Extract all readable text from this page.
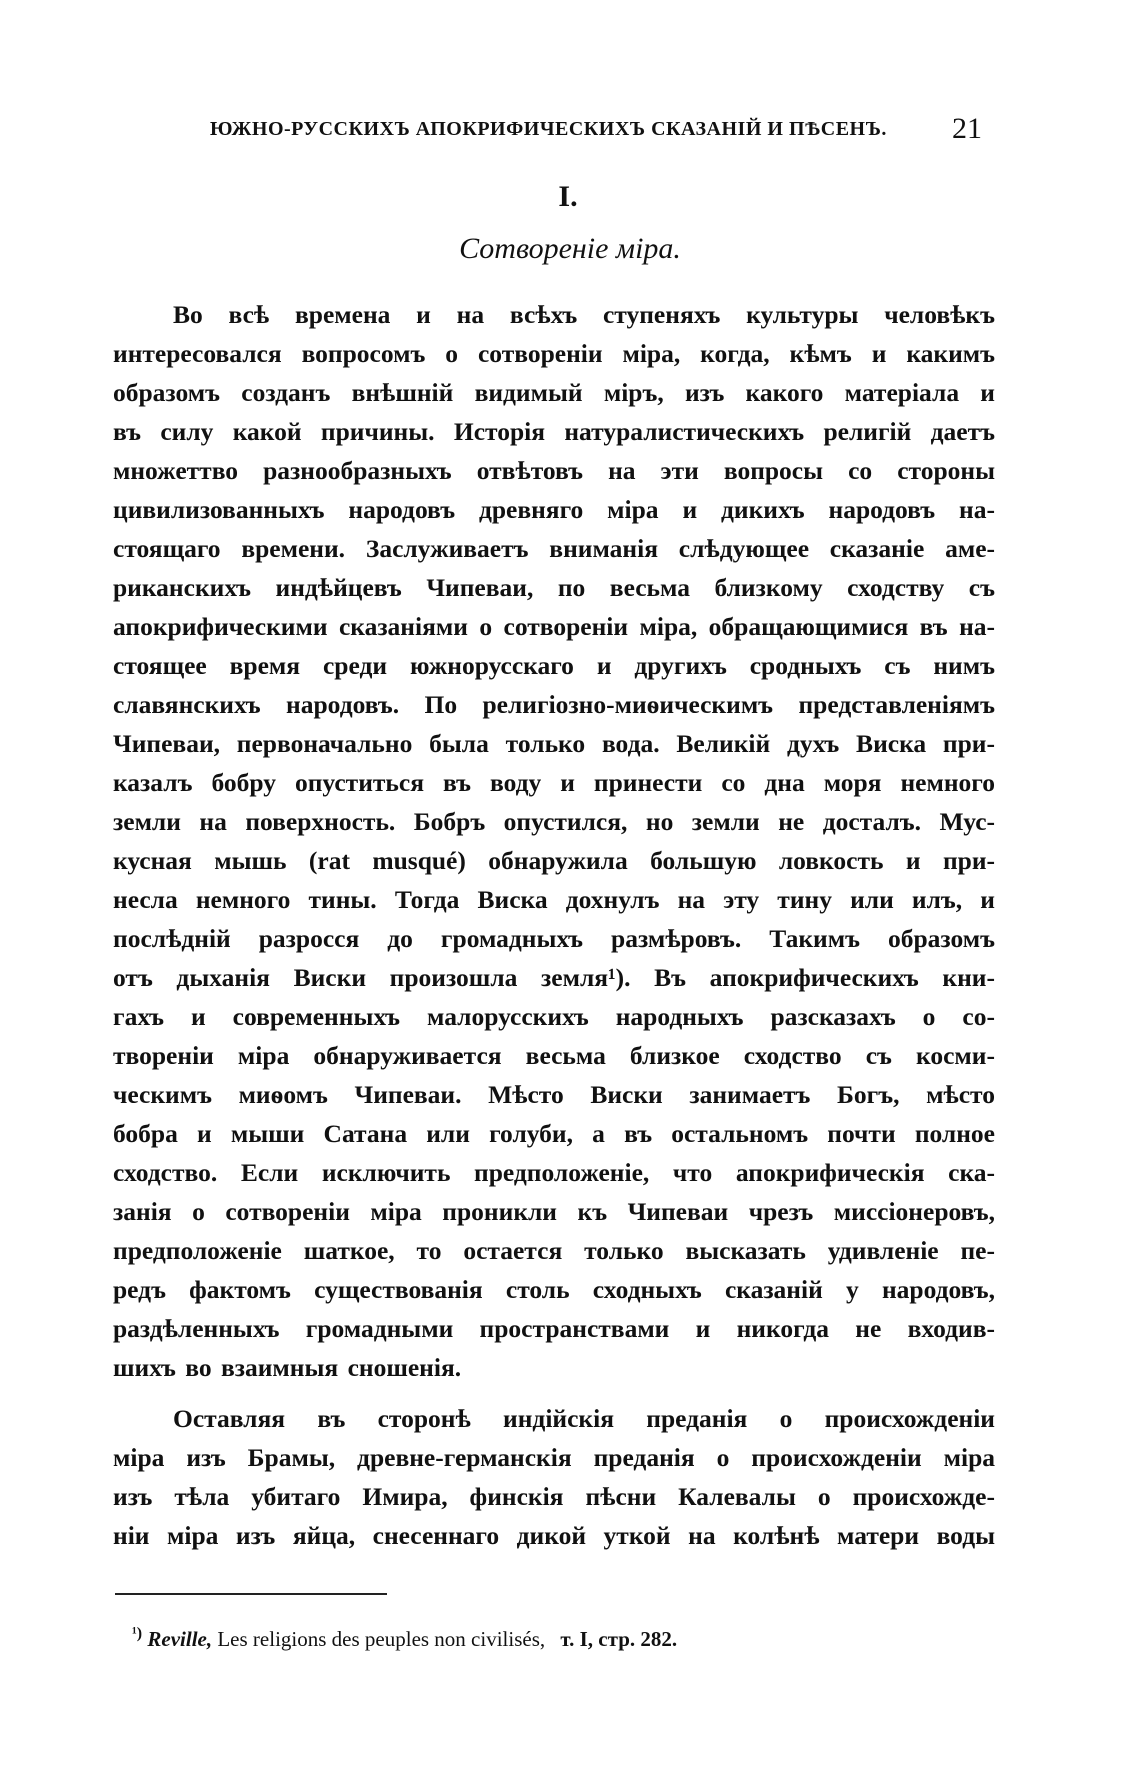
ЮЖНО-РУССКИХЪ АПОКРИФИЧЕСКИХЪ СКАЗАНІЙ И ПѢСЕНЪ. 21
I.
Сотвореніе міра.
Во всѣ времена и на всѣхъ ступеняхъ культуры человѣкъ
интересовался вопросомъ о сотвореніи міра, когда, кѣмъ и какимъ
образомъ созданъ внѣшній видимый міръ, изъ какого матеріала и
въ силу какой причины. Исторія натуралистическихъ религій даетъ
множеттво разнообразныхъ отвѣтовъ на эти вопросы со стороны
цивилизованныхъ народовъ древняго міра и дикихъ народовъ на-
стоящаго времени. Заслуживаетъ вниманія слѣдующее сказаніе аме-
риканскихъ индѣйцевъ Чипеваи, по весьма близкому сходству съ
апокрифическими сказаніями о сотвореніи міра, обращающимися въ на-
стоящее время среди южнорусскаго и другихъ сродныхъ съ нимъ
славянскихъ народовъ. По религіозно-миѳическимъ представленіямъ
Чипеваи, первоначально была только вода. Великій духъ Виска при-
казалъ бобру опуститься въ воду и принести со дна моря немного
земли на поверхность. Бобръ опустился, но земли не досталъ. Мус-
кусная мышь (rat musqué) обнаружила большую ловкость и при-
несла немного тины. Тогда Виска дохнулъ на эту тину или илъ, и
послѣдній разросся до громадныхъ размѣровъ. Такимъ образомъ
отъ дыханія Виски произошла земля¹). Въ апокрифическихъ кни-
гахъ и современныхъ малорусскихъ народныхъ разсказахъ о со-
твореніи міра обнаруживается весьма близкое сходство съ косми-
ческимъ миѳомъ Чипеваи. Мѣсто Виски занимаетъ Богъ, мѣсто
бобра и мыши Сатана или голуби, а въ остальномъ почти полное
сходство. Если исключить предположеніе, что апокрифическія ска-
занія о сотвореніи міра проникли къ Чипеваи чрезъ миссіонеровъ,
предположеніе шаткое, то остается только высказать удивленіе пе-
редъ фактомъ существованія столь сходныхъ сказаній у народовъ,
раздѣленныхъ громадными пространствами и никогда не входив-
шихъ во взаимныя сношенія.
Оставляя въ сторонѣ индійскія преданія о происхожденіи
міра изъ Брамы, древне-германскія преданія о происхожденіи міра
изъ тѣла убитаго Имира, финскія пѣсни Калевалы о происхожде-
ніи міра изъ яйца, снесеннаго дикой уткой на колѣнѣ матери воды
$^{^1)}$ Reville, Les religions des peuples non civilisés, т. I, стр. 282.
